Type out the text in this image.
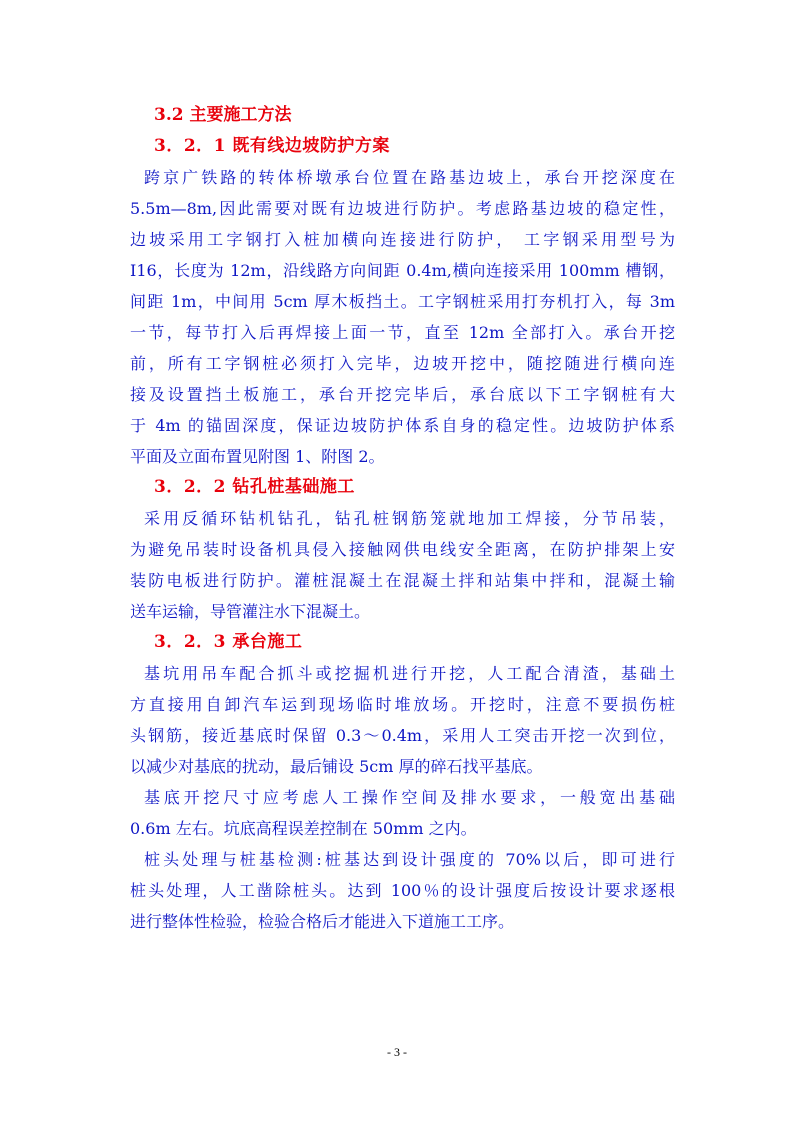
3.2 主要施工方法
3．2．1 既有线边坡防护方案

跨京广铁路的转体桥墩承台位置在路基边坡上，承台开挖深度在
5.5m—8m,因此需要对既有边坡进行防护。考虑路基边坡的稳定性，
边坡采用工字钢打入桩加横向连接进行防护， 工字钢采用型号为
I16，长度为 12m，沿线路方向间距 0.4m,横向连接采用 100mm 槽钢，
间距 1m，中间用 5cm 厚木板挡土。工字钢桩采用打夯机打入，每 3m
一节，每节打入后再焊接上面一节，直至 12m 全部打入。承台开挖
前，所有工字钢桩必须打入完毕，边坡开挖中，随挖随进行横向连
接及设置挡土板施工，承台开挖完毕后，承台底以下工字钢桩有大
于 4m 的锚固深度，保证边坡防护体系自身的稳定性。边坡防护体系
平面及立面布置见附图 1、附图 2。

3．2．2 钻孔桩基础施工

采用反循环钻机钻孔，钻孔桩钢筋笼就地加工焊接，分节吊装，
为避免吊装时设备机具侵入接触网供电线安全距离，在防护排架上安
装防电板进行防护。灌桩混凝土在混凝土拌和站集中拌和，混凝土输
送车运输，导管灌注水下混凝土。

3．2．3 承台施工

基坑用吊车配合抓斗或挖掘机进行开挖，人工配合清渣，基础土
方直接用自卸汽车运到现场临时堆放场。开挖时，注意不要损伤桩
头钢筋，接近基底时保留 0.3～0.4m，采用人工突击开挖一次到位，
以减少对基底的扰动，最后铺设 5cm 厚的碎石找平基底。

基底开挖尺寸应考虑人工操作空间及排水要求，一般宽出基础
0.6m 左右。坑底高程误差控制在 50mm 之内。

桩头处理与桩基检测:桩基达到设计强度的 70%以后，即可进行
桩头处理，人工凿除桩头。达到 100％的设计强度后按设计要求逐根
进行整体性检验，检验合格后才能进入下道施工工序。

- 3 -
